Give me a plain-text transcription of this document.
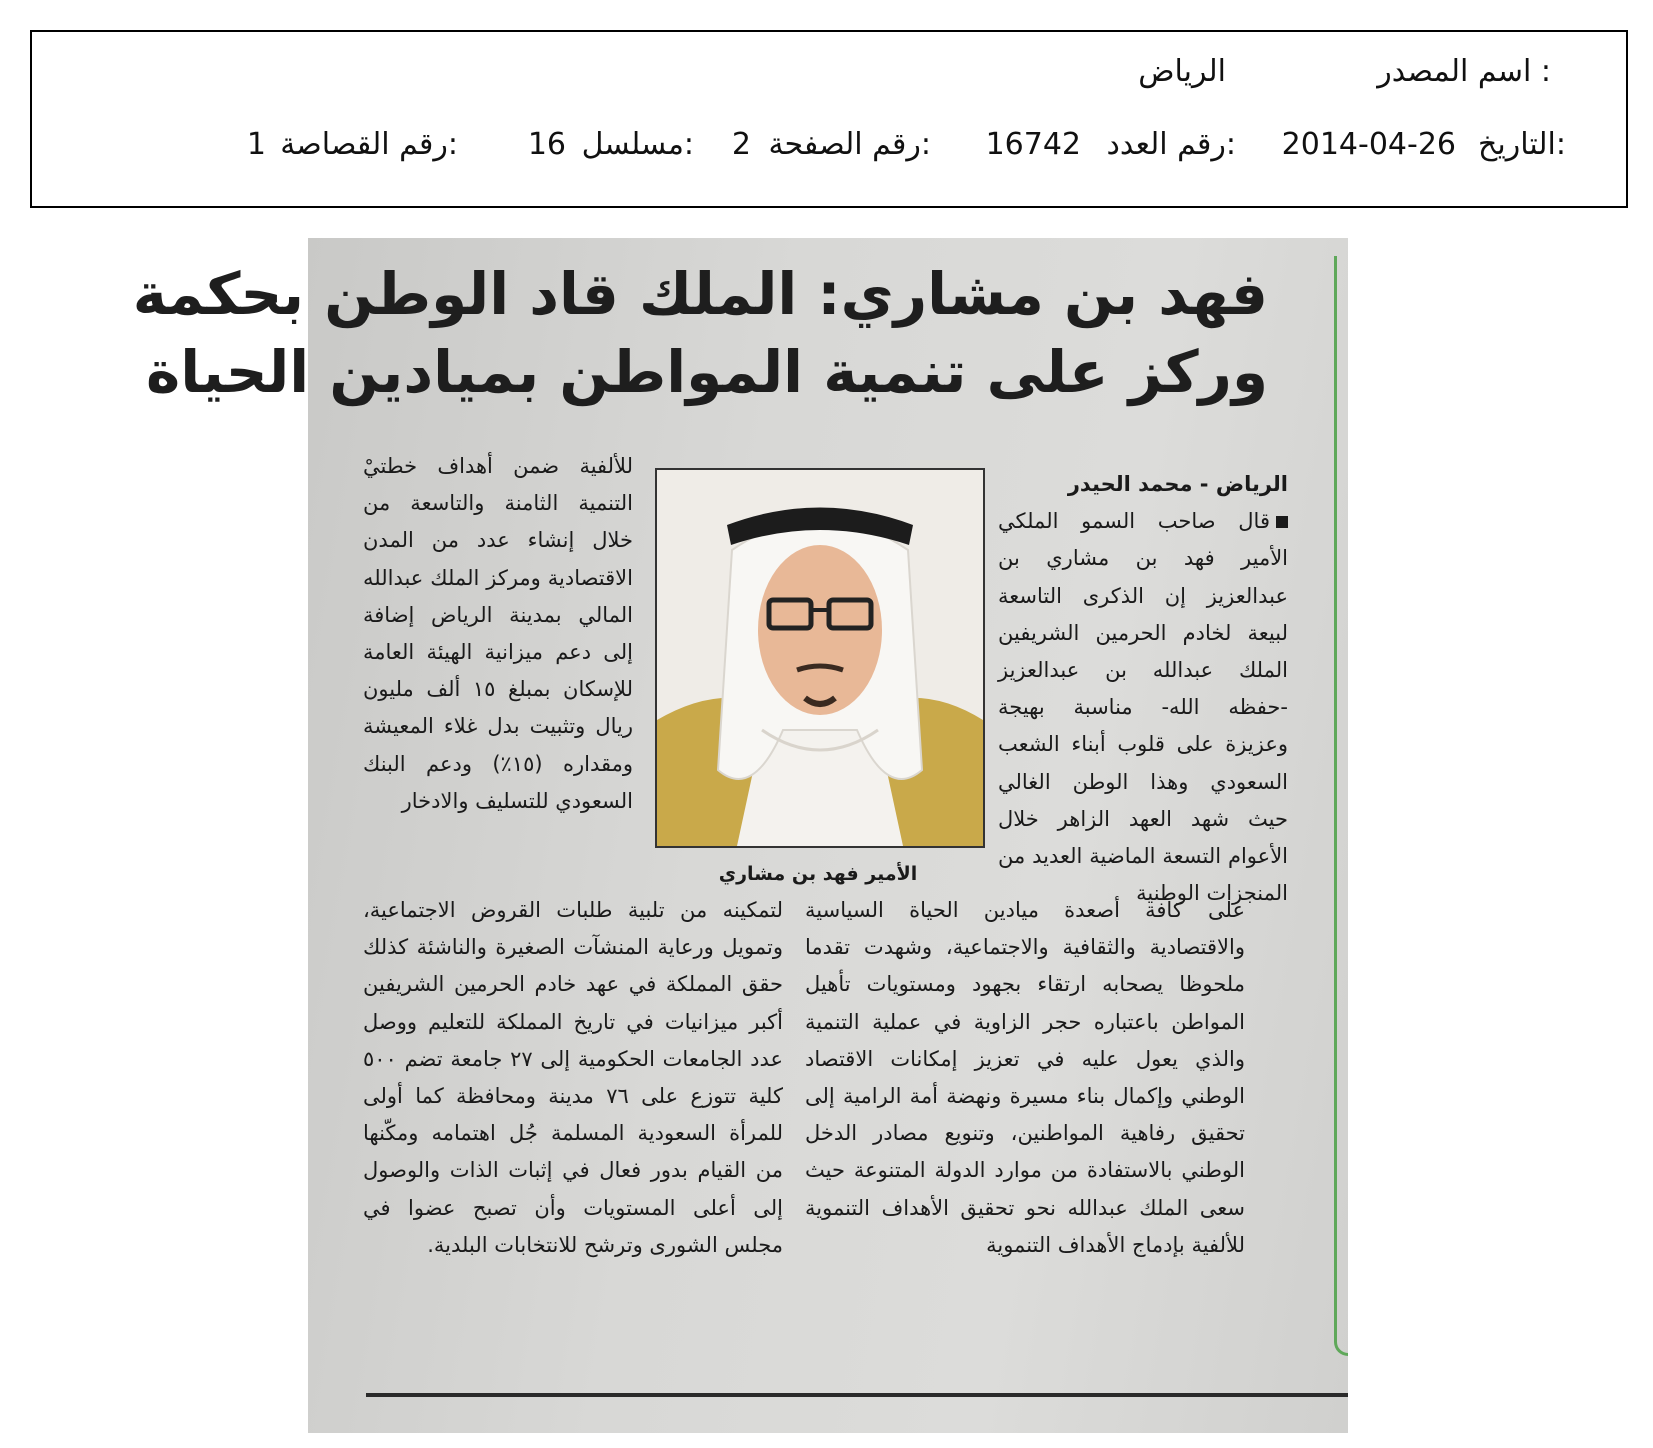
اسم المصدر :
الرياض
التاريخ:
2014-04-26
رقم العدد:
16742
رقم الصفحة:
2
مسلسل:
16
رقم القصاصة:
1
فهد بن مشاري: الملك قاد الوطن بحكمة
وركز على تنمية المواطن بميادين الحياة

الرياض - محمد الحيدر

قال صاحب السمو الملكي الأمير فهد بن مشاري بن عبدالعزيز إن الذكرى التاسعة لبيعة لخادم الحرمين الشريفين الملك عبدالله بن عبدالعزيز -حفظه الله- مناسبة بهيجة وعزيزة على قلوب أبناء الشعب السعودي وهذا الوطن الغالي حيث شهد العهد الزاهر خلال الأعوام التسعة الماضية العديد من المنجزات الوطنية

الأمير فهد بن مشاري

للألفية ضمن أهداف خطتيْ التنمية الثامنة والتاسعة من خلال إنشاء عدد من المدن الاقتصادية ومركز الملك عبدالله المالي بمدينة الرياض إضافة إلى دعم ميزانية الهيئة العامة للإسكان بمبلغ ١٥ ألف مليون ريال وتثبيت بدل غلاء المعيشة ومقداره (١٥٪) ودعم البنك السعودي للتسليف والادخار

على كافة أصعدة ميادين الحياة السياسية والاقتصادية والثقافية والاجتماعية، وشهدت تقدما ملحوظا يصحابه ارتقاء بجهود ومستويات تأهيل المواطن باعتباره حجر الزاوية في عملية التنمية والذي يعول عليه في تعزيز إمكانات الاقتصاد الوطني وإكمال بناء مسيرة ونهضة أمة الرامية إلى تحقيق رفاهية المواطنين، وتنويع مصادر الدخل الوطني بالاستفادة من موارد الدولة المتنوعة حيث سعى الملك عبدالله نحو تحقيق الأهداف التنموية للألفية بإدماج الأهداف التنموية

لتمكينه من تلبية طلبات القروض الاجتماعية، وتمويل ورعاية المنشآت الصغيرة والناشئة كذلك حقق المملكة في عهد خادم الحرمين الشريفين أكبر ميزانيات في تاريخ المملكة للتعليم ووصل عدد الجامعات الحكومية إلى ٢٧ جامعة تضم ٥٠٠ كلية تتوزع على ٧٦ مدينة ومحافظة كما أولى للمرأة السعودية المسلمة جُل اهتمامه ومكّنها من القيام بدور فعال في إثبات الذات والوصول إلى أعلى المستويات وأن تصبح عضوا في مجلس الشورى وترشح للانتخابات البلدية.
